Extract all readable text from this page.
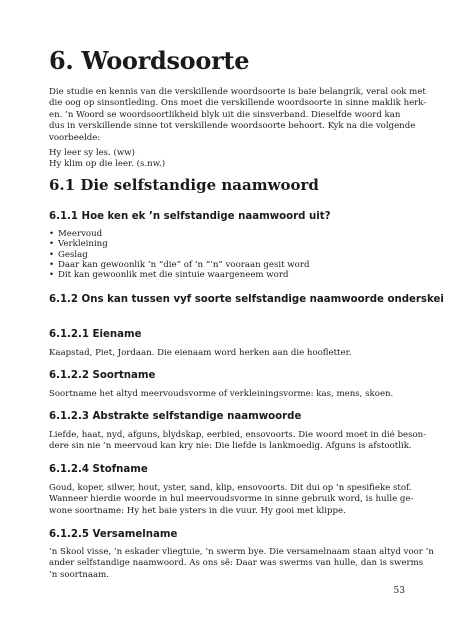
6. Woordsoorte
Die studie en kennis van die verskillende woordsoorte is baie belangrik, veral ook met
die oog op sinsontleding. Ons moet die verskillende woordsoorte in sinne maklik herk-
en. ’n Woord se woordsoortlikheid blyk uit die sinsverband. Dieselfde woord kan
dus in verskillende sinne tot verskillende woordsoorte behoort. Kyk na die volgende
voorbeelde:
Hy leer sy les. (ww)
Hy klim op die leer. (s.nw.)
6.1 Die selfstandige naamwoord
6.1.1 Hoe ken ek ’n selfstandige naamwoord uit?
• Meervoud
• Verkleining
• Geslag
• Daar kan gewoonlik ’n “die” of ’n “’n” vooraan gesit word
• Dit kan gewoonlik met die sintuie waargeneem word
6.1.2 Ons kan tussen vyf soorte selfstandige naamwoorde onderskei
6.1.2.1 Eiename
Kaapstad, Piet, Jordaan. Die eienaam word herken aan die hoofletter.
6.1.2.2 Soortname
Soortname het altyd meervoudsvorme of verkleiningsvorme: kas, mens, skoen.
6.1.2.3 Abstrakte selfstandige naamwoorde
Liefde, haat, nyd, afguns, blydskap, eerbied, ensovoorts. Die woord moet in dié beson-
dere sin nie ’n meervoud kan kry nie: Die liefde is lankmoedig. Afguns is afstootlik.
6.1.2.4 Stofname
Goud, koper, silwer, hout, yster, sand, klip, ensovoorts. Dit dui op ’n spesifieke stof.
Wanneer hierdie woorde in hul meervoudsvorme in sinne gebruik word, is hulle ge-
wone soortname: Hy het baie ysters in die vuur. Hy gooi met klippe.
6.1.2.5 Versamelname
’n Skool visse, ’n eskader vliegtuie, ’n swerm bye. Die versamelnaam staan altyd voor ’n
ander selfstandige naamwoord. As ons sê: Daar was swerms van hulle, dan is swerms
’n soortnaam.
53
